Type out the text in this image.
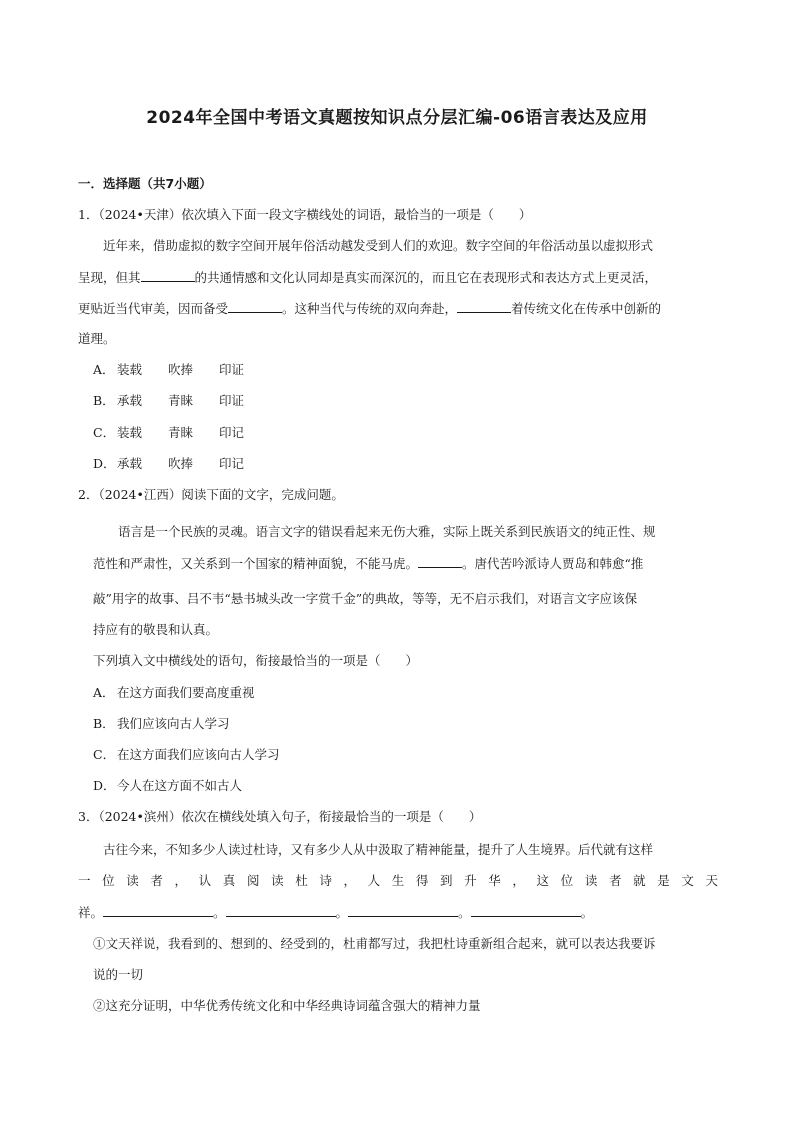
2024年全国中考语文真题按知识点分层汇编-06语言表达及应用
一．选择题（共7小题）
1．（2024•天津）依次填入下面一段文字横线处的词语，最恰当的一项是（　　）
近年来，借助虚拟的数字空间开展年俗活动越发受到人们的欢迎。数字空间的年俗活动虽以虚拟形式
呈现，但其	的共通情感和文化认同却是真实而深沉的，而且它在表现形式和表达方式上更灵活，
更贴近当代审美，因而备受	。这种当代与传统的双向奔赴，	着传统文化在传承中创新的
道理。
A． 装载 吹捧 印证
B． 承载 青睐 印证
C． 装载 青睐 印记
D．承载 吹捧 印记
2．（2024•江西）阅读下面的文字，完成问题。
语言是一个民族的灵魂。语言文字的错误看起来无伤大雅，实际上既关系到民族语文的纯正性、规
范性和严肃性，又关系到一个国家的精神面貌，不能马虎。	。唐代苦吟派诗人贾岛和韩愈“推
敲”用字的故事、吕不韦“悬书城头改一字赏千金”的典故，等等，无不启示我们，对语言文字应该保
持应有的敬畏和认真。
下列填入文中横线处的语句，衔接最恰当的一项是（　　）
A． 在这方面我们要高度重视
B． 我们应该向古人学习
C． 在这方面我们应该向古人学习
D．今人在这方面不如古人
3．（2024•滨州）依次在横线处填入句子，衔接最恰当的一项是（　　）
古往今来，不知多少人读过杜诗，又有多少人从中汲取了精神能量，提升了人生境界。后代就有这样
一位读者，认真阅读杜诗，人生得到升华，这位读者就是文天
祥。	。	。	。	。
①文天祥说，我看到的、想到的、经受到的，杜甫都写过，我把杜诗重新组合起来，就可以表达我要诉
说的一切
②这充分证明，中华优秀传统文化和中华经典诗词蕴含强大的精神力量
